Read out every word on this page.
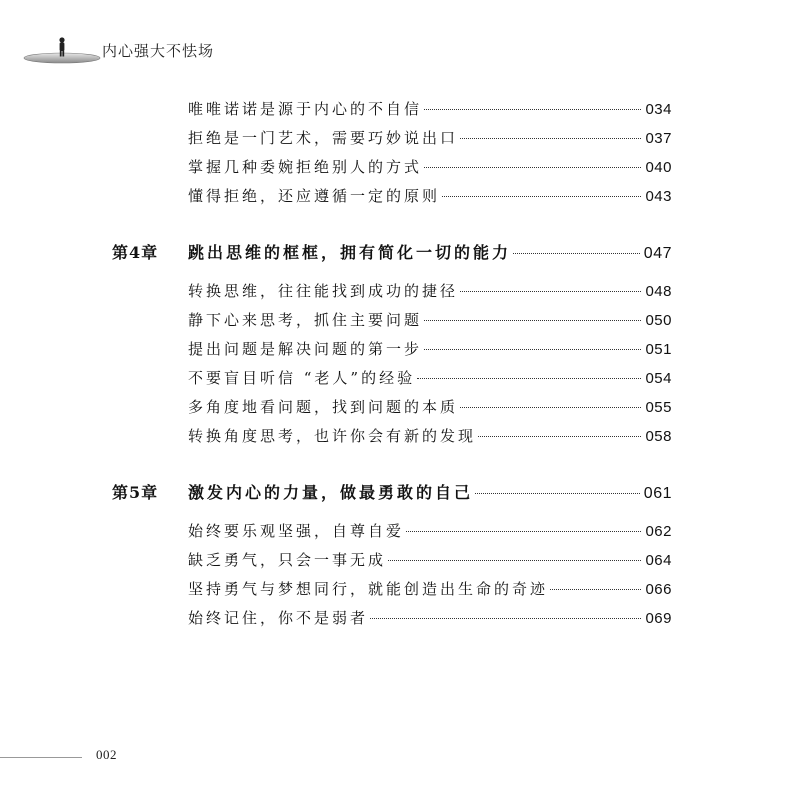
内心强大不怯场
唯唯诺诺是源于内心的不自信	034
拒绝是一门艺术，需要巧妙说出口	037
掌握几种委婉拒绝别人的方式	040
懂得拒绝，还应遵循一定的原则	043
第4章	跳出思维的框框，拥有简化一切的能力	047
转换思维，往往能找到成功的捷径	048
静下心来思考，抓住主要问题	050
提出问题是解决问题的第一步	051
不要盲目听信 “老人”的经验	054
多角度地看问题，找到问题的本质	055
转换角度思考，也许你会有新的发现	058
第5章	激发内心的力量，做最勇敢的自己	061
始终要乐观坚强，自尊自爱	062
缺乏勇气，只会一事无成	064
坚持勇气与梦想同行，就能创造出生命的奇迹	066
始终记住，你不是弱者	069
002
